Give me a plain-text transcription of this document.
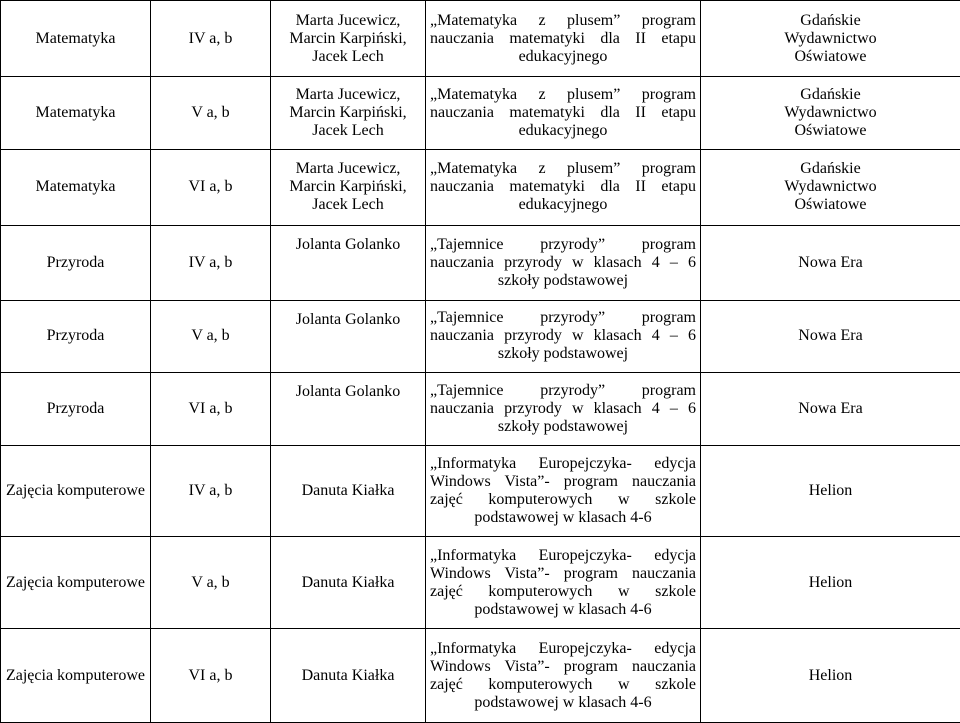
Matematyka	IV a, b	Marta Jucewicz,
Marcin Karpiński,
Jacek Lech	„Matematyka z plusem” program
nauczania matematyki dla II etapu
edukacyjnego	Gdańskie
Wydawnictwo
Oświatowe

Matematyka	V a, b	Marta Jucewicz,
Marcin Karpiński,
Jacek Lech	„Matematyka z plusem” program
nauczania matematyki dla II etapu
edukacyjnego	Gdańskie
Wydawnictwo
Oświatowe

Matematyka	VI a, b	Marta Jucewicz,
Marcin Karpiński,
Jacek Lech	„Matematyka z plusem” program
nauczania matematyki dla II etapu
edukacyjnego	Gdańskie
Wydawnictwo
Oświatowe

Przyroda	IV a, b	Jolanta Golanko	„Tajemnice przyrody” program
nauczania przyrody w klasach 4 – 6
szkoły podstawowej	Nowa Era

Przyroda	V a, b	Jolanta Golanko	„Tajemnice przyrody” program
nauczania przyrody w klasach 4 – 6
szkoły podstawowej	Nowa Era

Przyroda	VI a, b	Jolanta Golanko	„Tajemnice przyrody” program
nauczania przyrody w klasach 4 – 6
szkoły podstawowej	Nowa Era

Zajęcia komputerowe	IV a, b	Danuta Kiałka	„Informatyka Europejczyka- edycja
Windows Vista”- program nauczania
zajęć komputerowych w szkole
podstawowej w klasach 4-6	Helion

Zajęcia komputerowe	V a, b	Danuta Kiałka	„Informatyka Europejczyka- edycja
Windows Vista”- program nauczania
zajęć komputerowych w szkole
podstawowej w klasach 4-6	Helion

Zajęcia komputerowe	VI a, b	Danuta Kiałka	„Informatyka Europejczyka- edycja
Windows Vista”- program nauczania
zajęć komputerowych w szkole
podstawowej w klasach 4-6	Helion
